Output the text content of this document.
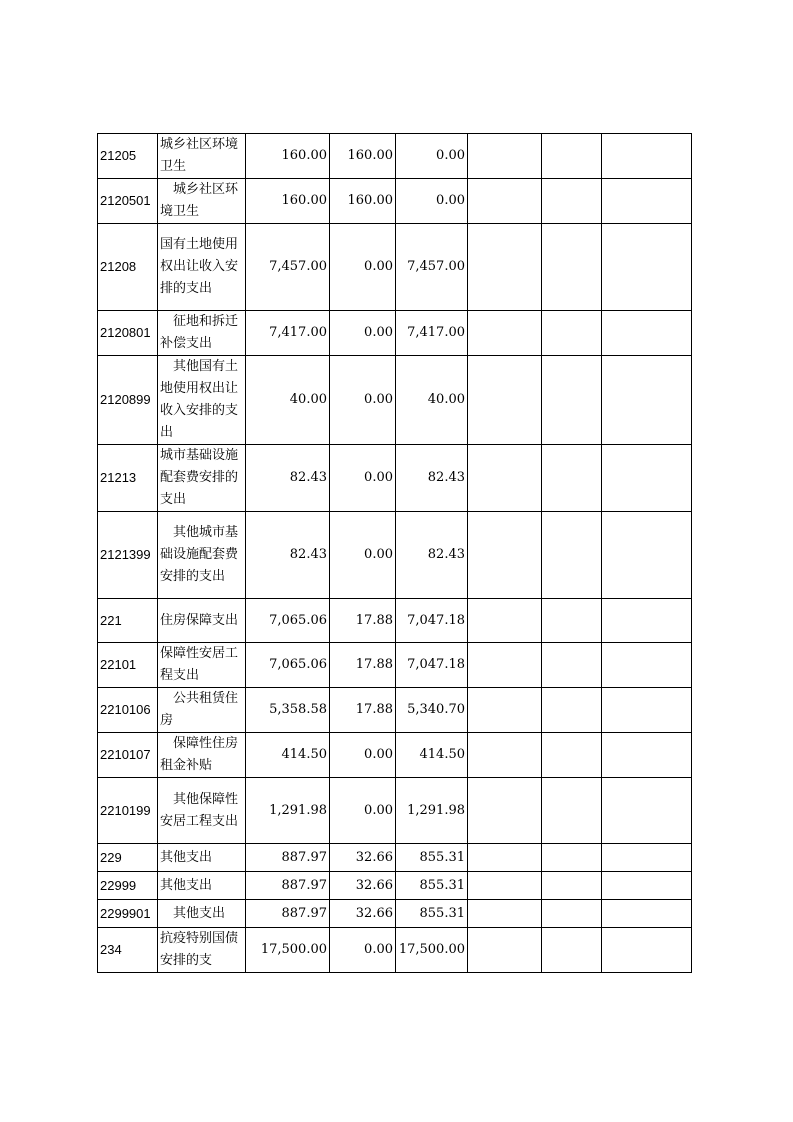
21205	城乡社区环境卫生	160.00	160.00	0.00			
2120501	城乡社区环境卫生	160.00	160.00	0.00			
21208	国有土地使用权出让收入安排的支出	7,457.00	0.00	7,457.00			
2120801	征地和拆迁补偿支出	7,417.00	0.00	7,417.00			
2120899	其他国有土地使用权出让收入安排的支出	40.00	0.00	40.00			
21213	城市基础设施配套费安排的支出	82.43	0.00	82.43			
2121399	其他城市基础设施配套费安排的支出	82.43	0.00	82.43			
221	住房保障支出	7,065.06	17.88	7,047.18			
22101	保障性安居工程支出	7,065.06	17.88	7,047.18			
2210106	公共租赁住房	5,358.58	17.88	5,340.70			
2210107	保障性住房租金补贴	414.50	0.00	414.50			
2210199	其他保障性安居工程支出	1,291.98	0.00	1,291.98			
229	其他支出	887.97	32.66	855.31			
22999	其他支出	887.97	32.66	855.31			
2299901	其他支出	887.97	32.66	855.31			
234	抗疫特别国债安排的支	17,500.00	0.00	17,500.00			
